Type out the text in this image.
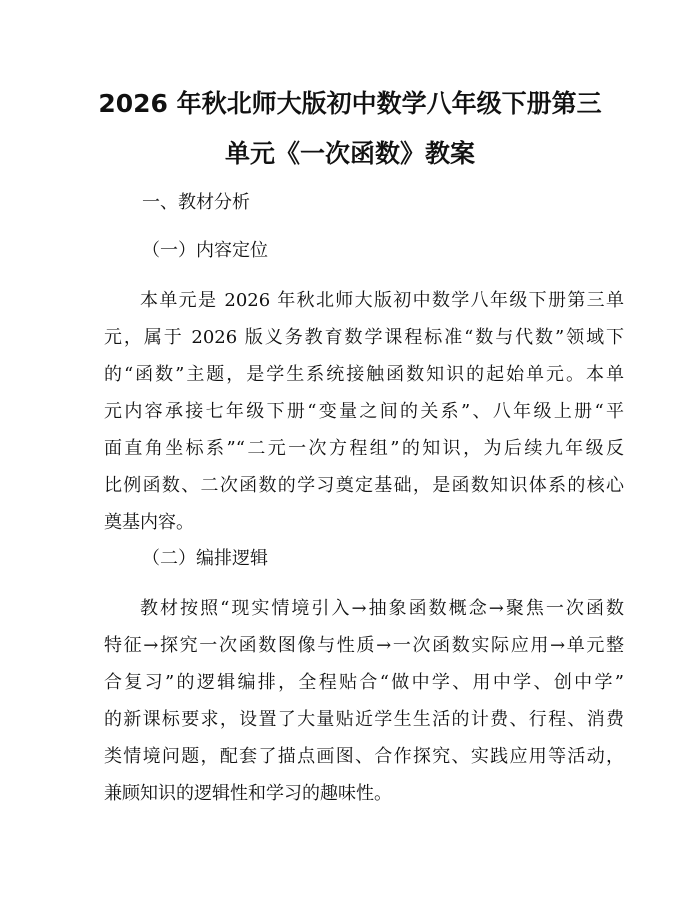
2026 年秋北师大版初中数学八年级下册第三
单元《一次函数》教案

一、教材分析

（一）内容定位

本单元是 2026 年秋北师大版初中数学八年级下册第三单
元，属于 2026 版义务教育数学课程标准“数与代数”领域下
的“函数”主题，是学生系统接触函数知识的起始单元。本单
元内容承接七年级下册“变量之间的关系”、八年级上册“平
面直角坐标系”“二元一次方程组”的知识，为后续九年级反
比例函数、二次函数的学习奠定基础，是函数知识体系的核心
奠基内容。

（二）编排逻辑

教材按照“现实情境引入→抽象函数概念→聚焦一次函数
特征→探究一次函数图像与性质→一次函数实际应用→单元整
合复习”的逻辑编排，全程贴合“做中学、用中学、创中学”
的新课标要求，设置了大量贴近学生生活的计费、行程、消费
类情境问题，配套了描点画图、合作探究、实践应用等活动，
兼顾知识的逻辑性和学习的趣味性。
